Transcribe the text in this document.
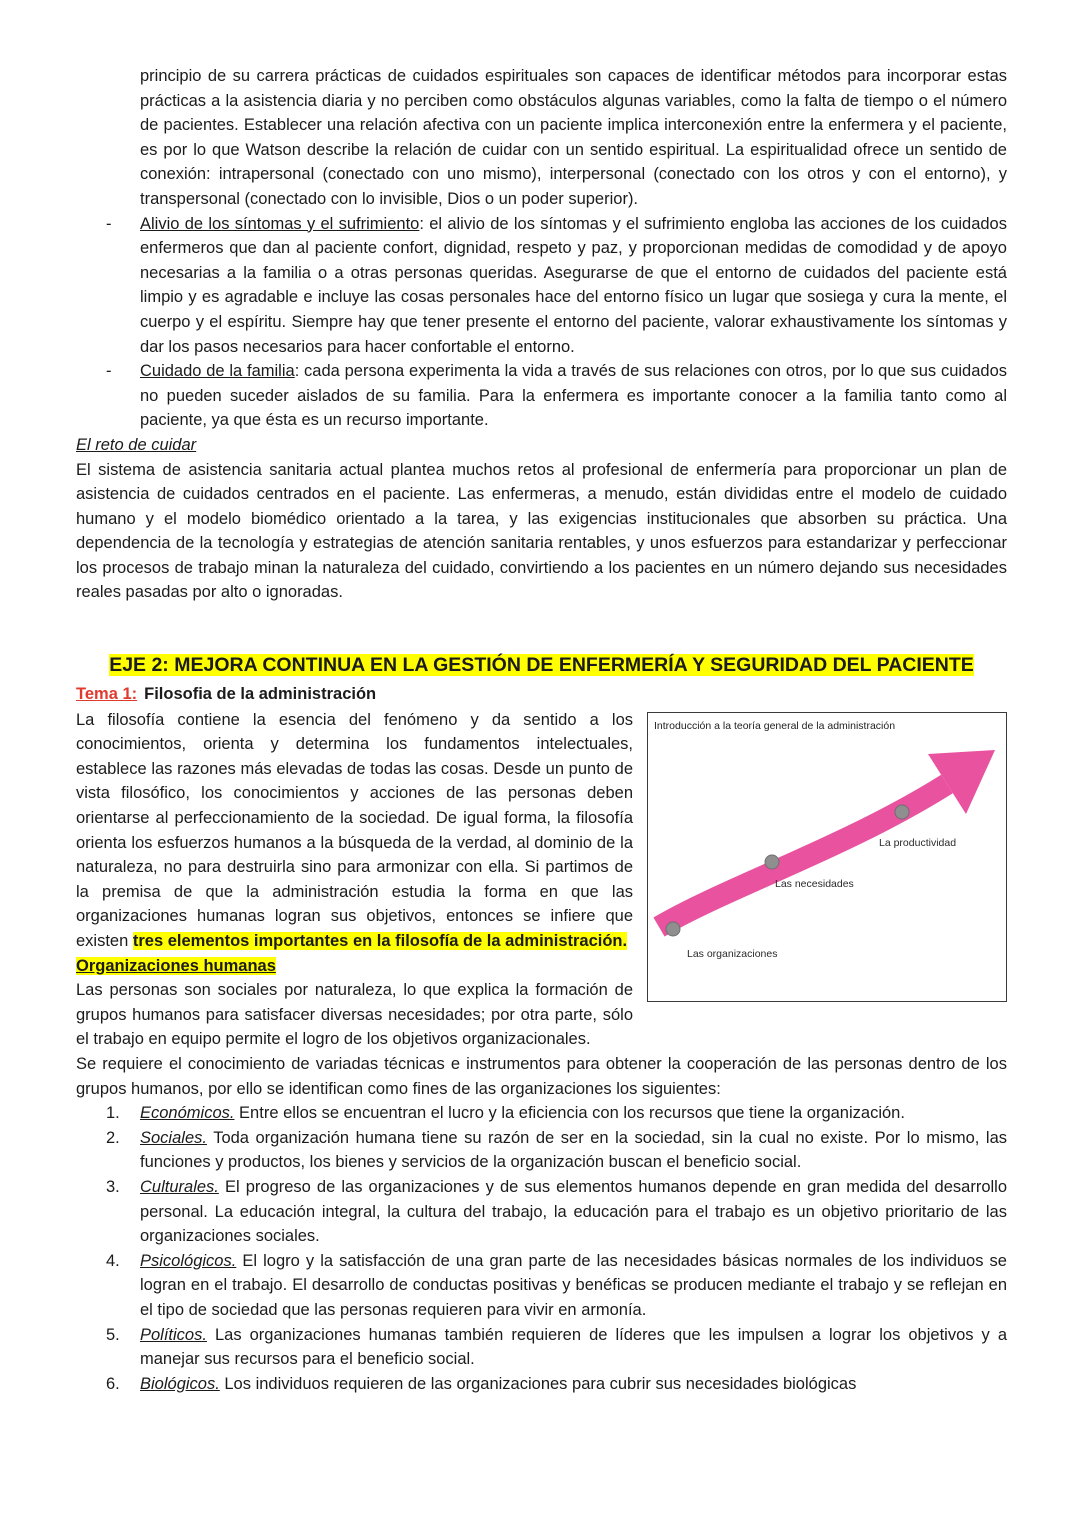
principio de su carrera prácticas de cuidados espirituales son capaces de identificar métodos para incorporar estas prácticas a la asistencia diaria y no perciben como obstáculos algunas variables, como la falta de tiempo o el número de pacientes. Establecer una relación afectiva con un paciente implica interconexión entre la enfermera y el paciente, es por lo que Watson describe la relación de cuidar con un sentido espiritual. La espiritualidad ofrece un sentido de conexión: intrapersonal (conectado con uno mismo), interpersonal (conectado con los otros y con el entorno), y transpersonal (conectado con lo invisible, Dios o un poder superior).

- Alivio de los síntomas y el sufrimiento: el alivio de los síntomas y el sufrimiento engloba las acciones de los cuidados enfermeros que dan al paciente confort, dignidad, respeto y paz, y proporcionan medidas de comodidad y de apoyo necesarias a la familia o a otras personas queridas. Asegurarse de que el entorno de cuidados del paciente está limpio y es agradable e incluye las cosas personales hace del entorno físico un lugar que sosiega y cura la mente, el cuerpo y el espíritu. Siempre hay que tener presente el entorno del paciente, valorar exhaustivamente los síntomas y dar los pasos necesarios para hacer confortable el entorno.

- Cuidado de la familia: cada persona experimenta la vida a través de sus relaciones con otros, por lo que sus cuidados no pueden suceder aislados de su familia. Para la enfermera es importante conocer a la familia tanto como al paciente, ya que ésta es un recurso importante.

El reto de cuidar

El sistema de asistencia sanitaria actual plantea muchos retos al profesional de enfermería para proporcionar un plan de asistencia de cuidados centrados en el paciente. Las enfermeras, a menudo, están divididas entre el modelo de cuidado humano y el modelo biomédico orientado a la tarea, y las exigencias institucionales que absorben su práctica. Una dependencia de la tecnología y estrategias de atención sanitaria rentables, y unos esfuerzos para estandarizar y perfeccionar los procesos de trabajo minan la naturaleza del cuidado, convirtiendo a los pacientes en un número dejando sus necesidades reales pasadas por alto o ignoradas.

EJE 2: MEJORA CONTINUA EN LA GESTIÓN DE ENFERMERÍA Y SEGURIDAD DEL PACIENTE

Tema 1: Filosofia de la administración

Introducción a la teoría general de la administración
La productividad
Las necesidades
Las organizaciones

La filosofía contiene la esencia del fenómeno y da sentido a los conocimientos, orienta y determina los fundamentos intelectuales, establece las razones más elevadas de todas las cosas. Desde un punto de vista filosófico, los conocimientos y acciones de las personas deben orientarse al perfeccionamiento de la sociedad. De igual forma, la filosofía orienta los esfuerzos humanos a la búsqueda de la verdad, al dominio de la naturaleza, no para destruirla sino para armonizar con ella. Si partimos de la premisa de que la administración estudia la forma en que las organizaciones humanas logran sus objetivos, entonces se infiere que existen tres elementos importantes en la filosofía de la administración.

Organizaciones humanas

Las personas son sociales por naturaleza, lo que explica la formación de grupos humanos para satisfacer diversas necesidades; por otra parte, sólo el trabajo en equipo permite el logro de los objetivos organizacionales.

Se requiere el conocimiento de variadas técnicas e instrumentos para obtener la cooperación de las personas dentro de los grupos humanos, por ello se identifican como fines de las organizaciones los siguientes:

1. Económicos. Entre ellos se encuentran el lucro y la eficiencia con los recursos que tiene la organización.

2. Sociales. Toda organización humana tiene su razón de ser en la sociedad, sin la cual no existe. Por lo mismo, las funciones y productos, los bienes y servicios de la organización buscan el beneficio social.

3. Culturales. El progreso de las organizaciones y de sus elementos humanos depende en gran medida del desarrollo personal. La educación integral, la cultura del trabajo, la educación para el trabajo es un objetivo prioritario de las organizaciones sociales.

4. Psicológicos. El logro y la satisfacción de una gran parte de las necesidades básicas normales de los individuos se logran en el trabajo. El desarrollo de conductas positivas y benéficas se producen mediante el trabajo y se reflejan en el tipo de sociedad que las personas requieren para vivir en armonía.

5. Políticos. Las organizaciones humanas también requieren de líderes que les impulsen a lograr los objetivos y a manejar sus recursos para el beneficio social.

6. Biológicos. Los individuos requieren de las organizaciones para cubrir sus necesidades biológicas
